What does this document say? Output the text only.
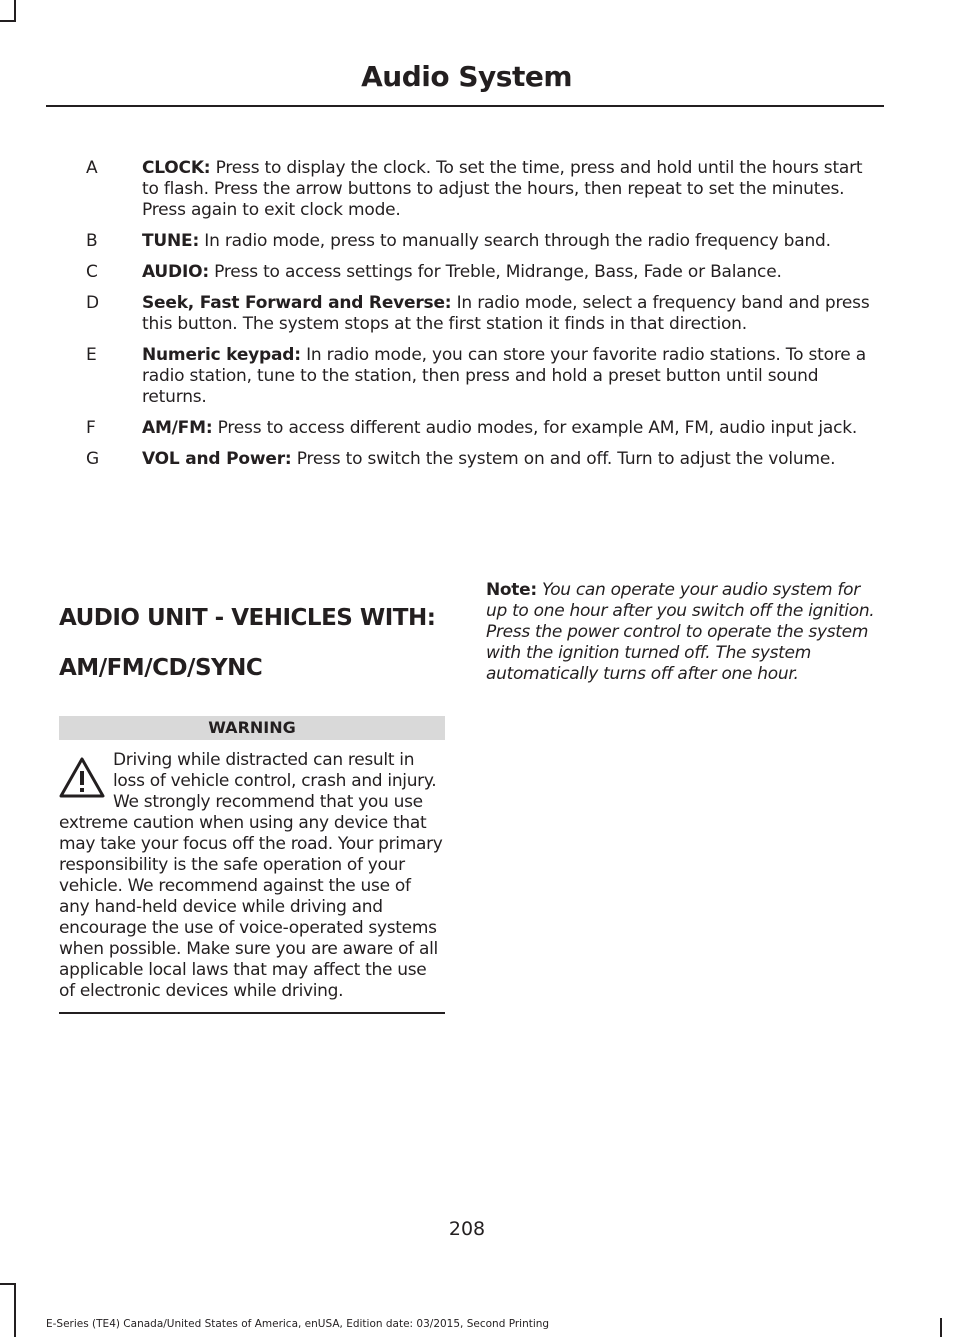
Audio System
A	CLOCK: Press to display the clock. To set the time, press and hold until the hours start to flash. Press the arrow buttons to adjust the hours, then repeat to set the minutes. Press again to exit clock mode.
B	TUNE: In radio mode, press to manually search through the radio frequency band.
C	AUDIO: Press to access settings for Treble, Midrange, Bass, Fade or Balance.
D	Seek, Fast Forward and Reverse: In radio mode, select a frequency band and press this button. The system stops at the first station it finds in that direction.
E	Numeric keypad: In radio mode, you can store your favorite radio stations. To store a radio station, tune to the station, then press and hold a preset button until sound returns.
F	AM/FM: Press to access different audio modes, for example AM, FM, audio input jack.
G	VOL and Power: Press to switch the system on and off. Turn to adjust the volume.
AUDIO UNIT - VEHICLES WITH:
AM/FM/CD/SYNC
WARNING
Driving while distracted can result in loss of vehicle control, crash and injury. We strongly recommend that you use extreme caution when using any device that may take your focus off the road. Your primary responsibility is the safe operation of your vehicle. We recommend against the use of any hand-held device while driving and encourage the use of voice-operated systems when possible. Make sure you are aware of all applicable local laws that may affect the use of electronic devices while driving.
Note: You can operate your audio system for up to one hour after you switch off the ignition. Press the power control to operate the system with the ignition turned off. The system automatically turns off after one hour.
208
E-Series (TE4) Canada/United States of America, enUSA, Edition date: 03/2015, Second Printing
